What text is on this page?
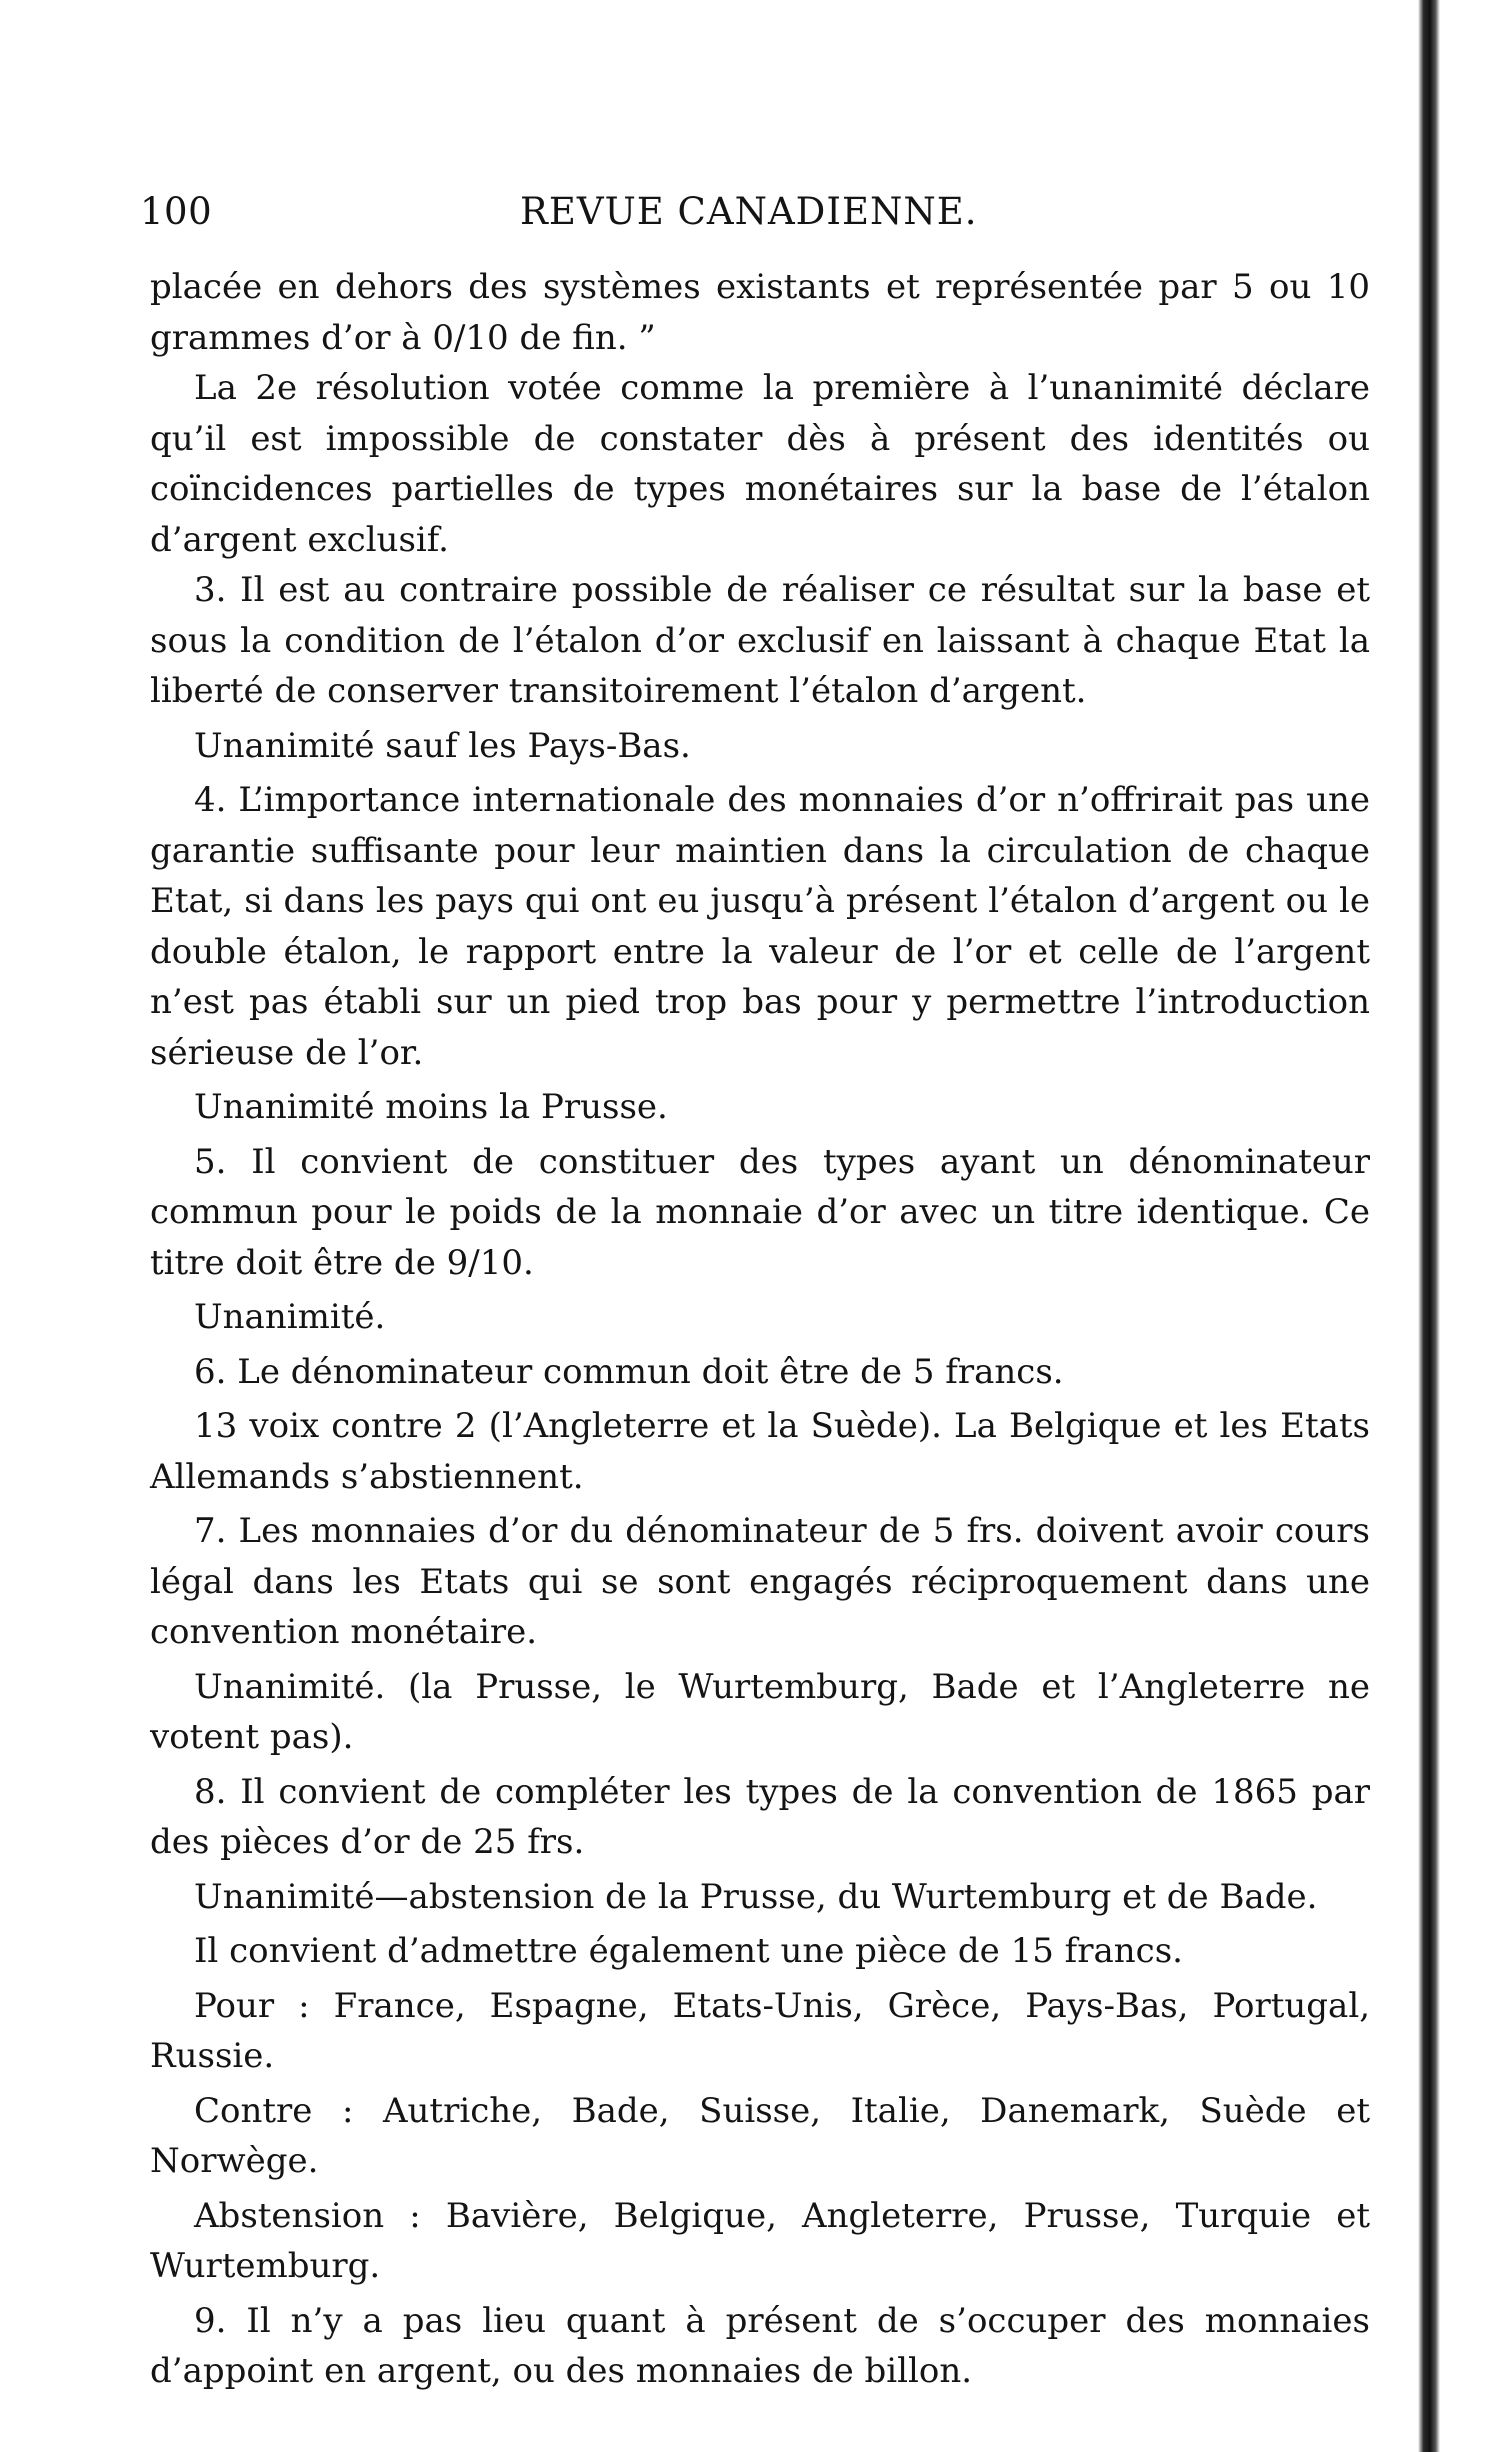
100	REVUE CANADIENNE.

placée en dehors des systèmes existants et représentée par 5 ou 10 grammes d’or à 0/10 de fin. ”

La 2e résolution votée comme la première à l’unanimité déclare qu’il est impossible de constater dès à présent des identités ou coïncidences partielles de types monétaires sur la base de l’étalon d’argent exclusif.

3. Il est au contraire possible de réaliser ce résultat sur la base et sous la condition de l’étalon d’or exclusif en laissant à chaque Etat la liberté de conserver transitoirement l’étalon d’argent.

Unanimité sauf les Pays-Bas.

4. L’importance internationale des monnaies d’or n’offrirait pas une garantie suffisante pour leur maintien dans la circulation de chaque Etat, si dans les pays qui ont eu jusqu’à présent l’étalon d’argent ou le double étalon, le rapport entre la valeur de l’or et celle de l’argent n’est pas établi sur un pied trop bas pour y permettre l’introduction sérieuse de l’or.

Unanimité moins la Prusse.

5. Il convient de constituer des types ayant un dénominateur commun pour le poids de la monnaie d’or avec un titre identique. Ce titre doit être de 9/10.

Unanimité.

6. Le dénominateur commun doit être de 5 francs.

13 voix contre 2 (l’Angleterre et la Suède). La Belgique et les Etats Allemands s’abstiennent.

7. Les monnaies d’or du dénominateur de 5 frs. doivent avoir cours légal dans les Etats qui se sont engagés réciproquement dans une convention monétaire.

Unanimité. (la Prusse, le Wurtemburg, Bade et l’Angleterre ne votent pas).

8. Il convient de compléter les types de la convention de 1865 par des pièces d’or de 25 frs.

Unanimité—abstension de la Prusse, du Wurtemburg et de Bade.

Il convient d’admettre également une pièce de 15 francs.

Pour : France, Espagne, Etats-Unis, Grèce, Pays-Bas, Portugal, Russie.

Contre : Autriche, Bade, Suisse, Italie, Danemark, Suède et Norwège.

Abstension : Bavière, Belgique, Angleterre, Prusse, Turquie et Wurtemburg.

9. Il n’y a pas lieu quant à présent de s’occuper des monnaies d’appoint en argent, ou des monnaies de billon.
